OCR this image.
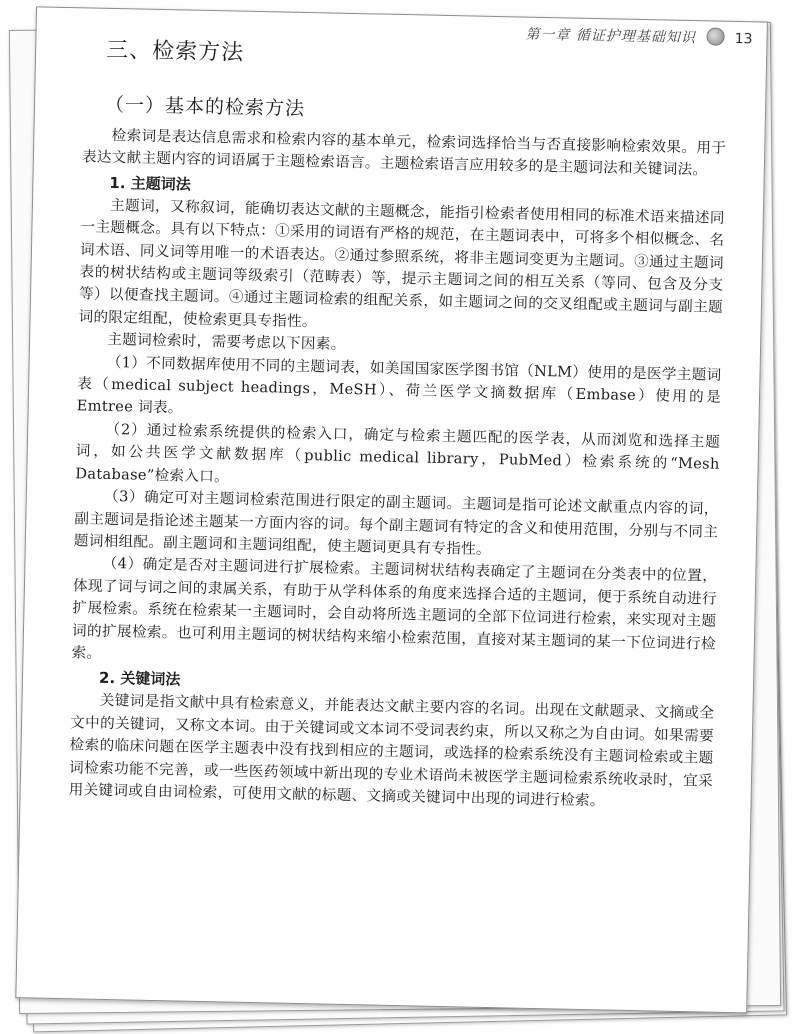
第一章 循证护理基础知识	13
三、检索方法
（一）基本的检索方法

检索词是表达信息需求和检索内容的基本单元，检索词选择恰当与否直接影响检索效果。用于表达文献主题内容的词语属于主题检索语言。主题检索语言应用较多的是主题词法和关键词法。

1. 主题词法

主题词，又称叙词，能确切表达文献的主题概念，能指引检索者使用相同的标准术语来描述同一主题概念。具有以下特点：①采用的词语有严格的规范，在主题词表中，可将多个相似概念、名词术语、同义词等用唯一的术语表达。②通过参照系统，将非主题词变更为主题词。③通过主题词表的树状结构或主题词等级索引（范畴表）等，提示主题词之间的相互关系（等同、包含及分支等）以便查找主题词。④通过主题词检索的组配关系，如主题词之间的交叉组配或主题词与副主题词的限定组配，使检索更具专指性。

主题词检索时，需要考虑以下因素。

（1）不同数据库使用不同的主题词表，如美国国家医学图书馆（NLM）使用的是医学主题词表（medical subject headings，MeSH）、荷兰医学文摘数据库（Embase）使用的是 Emtree 词表。

（2）通过检索系统提供的检索入口，确定与检索主题匹配的医学表，从而浏览和选择主题词，如公共医学文献数据库（public medical library，PubMed）检索系统的“Mesh Database”检索入口。

（3）确定可对主题词检索范围进行限定的副主题词。主题词是指可论述文献重点内容的词，副主题词是指论述主题某一方面内容的词。每个副主题词有特定的含义和使用范围，分别与不同主题词相组配。副主题词和主题词组配，使主题词更具有专指性。

（4）确定是否对主题词进行扩展检索。主题词树状结构表确定了主题词在分类表中的位置，体现了词与词之间的隶属关系，有助于从学科体系的角度来选择合适的主题词，便于系统自动进行扩展检索。系统在检索某一主题词时，会自动将所选主题词的全部下位词进行检索，来实现对主题词的扩展检索。也可利用主题词的树状结构来缩小检索范围，直接对某主题词的某一下位词进行检索。

2. 关键词法

关键词是指文献中具有检索意义，并能表达文献主要内容的名词。出现在文献题录、文摘或全文中的关键词，又称文本词。由于关键词或文本词不受词表约束，所以又称之为自由词。如果需要检索的临床问题在医学主题表中没有找到相应的主题词，或选择的检索系统没有主题词检索或主题词检索功能不完善，或一些医药领域中新出现的专业术语尚未被医学主题词检索系统收录时，宜采用关键词或自由词检索，可使用文献的标题、文摘或关键词中出现的词进行检索。
